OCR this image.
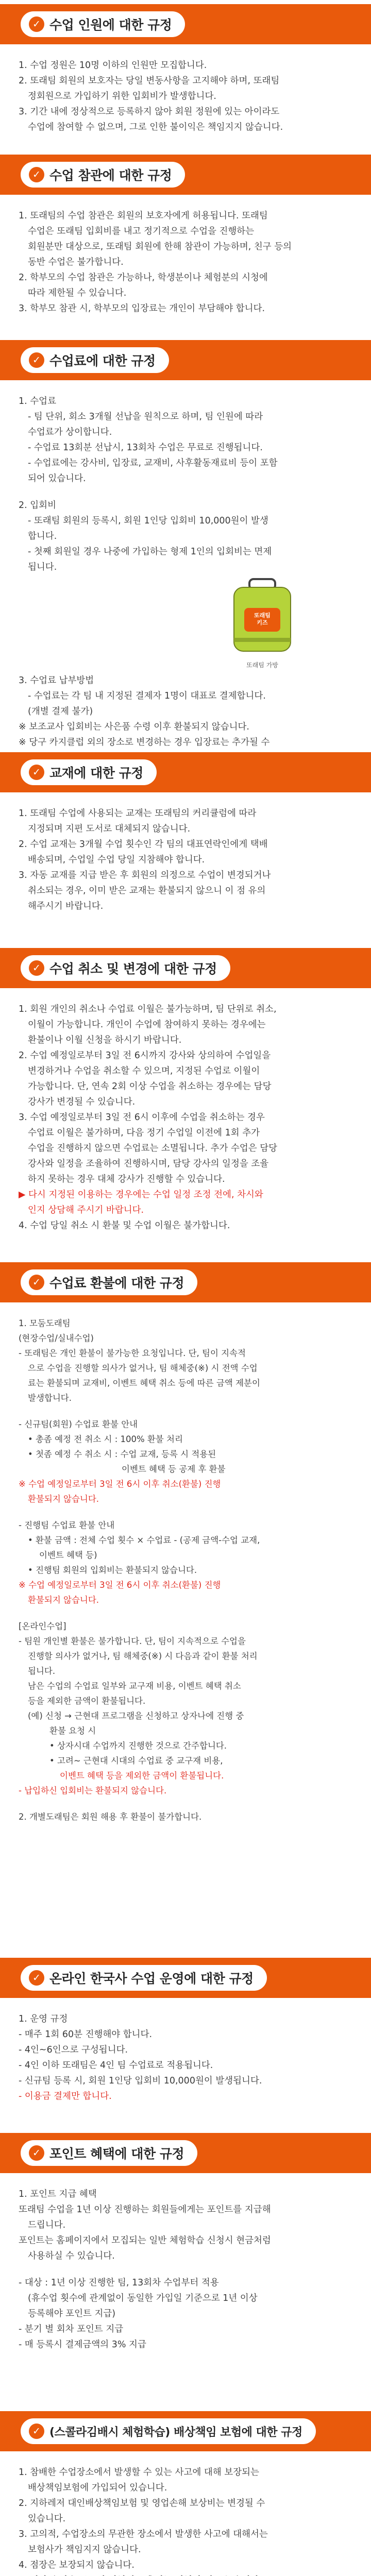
✓ 수업 인원에 대한 규정

1. 수업 정원은 10명 이하의 인원만 모집합니다.

2. 또래팀 회원의 보호자는 당일 변동사항을 고지해야 하며, 또래팀

정회원으로 가입하기 위한 입회비가 발생합니다.

3. 기간 내에 정상적으로 등록하지 않아 회원 정원에 있는 아이라도

수업에 참여할 수 없으며, 그로 인한 불이익은 책임지지 않습니다.

✓ 수업 참관에 대한 규정

1. 또래팀의 수업 참관은 회원의 보호자에게 허용됩니다. 또래팀

수업은 또래팀 입회비를 내고 정기적으로 수업을 진행하는

회원분만 대상으로, 또래팀 회원에 한해 참관이 가능하며, 친구 등의

동반 수업은 불가합니다.

2. 학부모의 수업 참관은 가능하나, 학생분이나 체험분의 시청에

따라 제한될 수 있습니다.

3. 학부모 참관 시, 학부모의 입장료는 개인이 부담해야 합니다.

✓ 수업료에 대한 규정

1. 수업료

- 팀 단위, 회소 3개월 선납을 원칙으로 하며, 팀 인원에 따라

수업료가 상이합니다.

- 수업료 13회분 선납시, 13회차 수업은 무료로 진행됩니다.

- 수업료에는 강사비, 입장료, 교재비, 사후활동재료비 등이 포함

되어 있습니다.

2. 입회비

- 또래팀 회원의 등록시, 회원 1인당 입회비 10,000원이 발생

합니다.

- 첫째 회원일 경우 나중에 가입하는 형제 1인의 입회비는 면제

됩니다.

또래팀
키즈
또래팀 가방

3. 수업료 납부방법

- 수업료는 각 팀 내 지정된 결제자 1명이 대표로 결제합니다.

(개별 결제 불가)

※ 보조교사 입회비는 사은품 수령 이후 환불되지 않습니다.

※ 당구 카지클럽 외의 장소로 변경하는 경우 입장료는 추가될 수

✓ 교재에 대한 규정

1. 또래팀 수업에 사용되는 교재는 또래팀의 커리큘럼에 따라

지정되며 지편 도서로 대체되지 않습니다.

2. 수업 교재는 3개월 수업 횟수인 각 팀의 대표연락인에게 택배

배송되며, 수업일 수업 당일 지참해야 합니다.

3. 자동 교재를 지급 받은 후 회원의 의정으로 수업이 변경되거나

취소되는 경우, 이미 받은 교재는 환불되지 않으니 이 점 유의

해주시기 바랍니다.

✓ 수업 취소 및 변경에 대한 규정

1. 회원 개인의 취소나 수업료 이월은 불가능하며, 팀 단위로 취소,

이월이 가능합니다. 개인이 수업에 참여하지 못하는 경우에는

환불이나 이월 신청을 하시기 바랍니다.

2. 수업 예정일로부터 3일 전 6시까지 강사와 상의하여 수업일을

변경하거나 수업을 취소할 수 있으며, 지정된 수업로 이월이

가능합니다. 단, 연속 2회 이상 수업을 취소하는 경우에는 담당

강사가 변경될 수 있습니다.

3. 수업 예정일로부터 3일 전 6시 이후에 수업을 취소하는 경우

수업료 이월은 불가하며, 다음 정기 수업일 이전에 1회 추가

수업을 진행하지 않으면 수업료는 소멸됩니다. 추가 수업은 담당

강사와 일정을 조율하여 진행하시며, 담당 강사의 일정을 조율

하지 못하는 경우 대체 강사가 진행할 수 있습니다.

▶ 다시 지정된 이용하는 경우에는 수업 일정 조정 전에, 차시와

인지 상담해 주시기 바랍니다.

4. 수업 당일 취소 시 환불 및 수업 이월은 불가합니다.

✓ 수업료 환불에 대한 규정

1. 모둠도래팀

(현장수업/실내수업)

- 또래팀은 개인 환불이 불가능한 요청입니다. 단, 팀이 지속적

으로 수업을 진행할 의사가 없거나, 팀 해체중(※) 시 전액 수업

료는 환불되며 교재비, 이벤트 혜택 취소 등에 따른 금액 제분이

발생합니다.

- 신규팀(회원) 수업료 환불 안내

• 총좀 예정 전 취소 시 : 100% 환불 처리

• 첫좀 예정 수 취소 시 : 수업 교재, 등록 시 적용된

이벤트 혜택 등 공제 후 환불

※ 수업 예정일로부터 3일 전 6시 이후 취소(환불) 진행

환불되지 않습니다.

- 진행팀 수업료 환불 안내

• 환불 금액 : 전체 수업 횟수 × 수업료 - (공제 금액-수업 교재,

이벤트 혜택 등)

• 진행팀 회원의 입회비는 환불되지 않습니다.

※ 수업 예정일로부터 3일 전 6시 이후 취소(환불) 진행

환불되지 않습니다.

[온라인수업]

- 팀원 개인별 환불은 불가합니다. 단, 팀이 지속적으로 수업을

진행할 의사가 없거나, 팀 해체중(※) 시 다음과 같이 환불 처리

됩니다.

남은 수업의 수업료 일부와 교구재 비용, 이벤트 혜택 취소

등을 제외한 금액이 환불됩니다.

(예) 신청 → 근현대 프로그램을 신청하고 상자나에 진행 중

환불 요청 시

• 상자시대 수업까지 진행한 것으로 간주합니다.

• 고려~ 근현대 시대의 수업료 중 교구재 비용,

이벤트 혜택 등을 제외한 금액이 환불됩니다.

- 납입하신 입회비는 환불되지 않습니다.

2. 개별도래팀은 회원 해용 후 환불이 불가합니다.

✓ 온라인 한국사 수업 운영에 대한 규정

1. 운영 규정

- 매주 1회 60분 진행해야 합니다.

- 4인~6인으로 구성됩니다.

- 4인 이하 또래팀은 4인 팀 수업료로 적용됩니다.

- 신규팀 등록 시, 회원 1인당 입회비 10,000원이 발생됩니다.

- 이용금 결제만 합니다.

✓ 포인트 혜택에 대한 규정

1. 포인트 지급 혜택

또래팀 수업을 1년 이상 진행하는 회원들에게는 포인트를 지급해

드립니다.

포인트는 홈페이지에서 모집되는 일반 체험학습 신청시 현금처럼

사용하실 수 있습니다.

- 대상 : 1년 이상 진행한 팀, 13회차 수업부터 적용

(휴수업 횟수에 관계없이 동일한 가입일 기준으로 1년 이상

등록해야 포인트 지급)

- 분기 별 회차 포인트 지급

- 매 등록시 결제금액의 3% 지급

✓ (스콜라김배시 체험학습) 배상책임 보험에 대한 규정

1. 참배한 수업장소에서 발생할 수 있는 사고에 대해 보장되는

배상책임보험에 가입되어 있습니다.

2. 지하레저 대인배상책임보험 및 영업손해 보상비는 변경될 수

있습니다.

3. 고의적, 수업장소의 무관한 장소에서 발생한 사고에 대해서는

보험사가 책임지지 않습니다.

4. 점장은 보장되지 않습니다.
